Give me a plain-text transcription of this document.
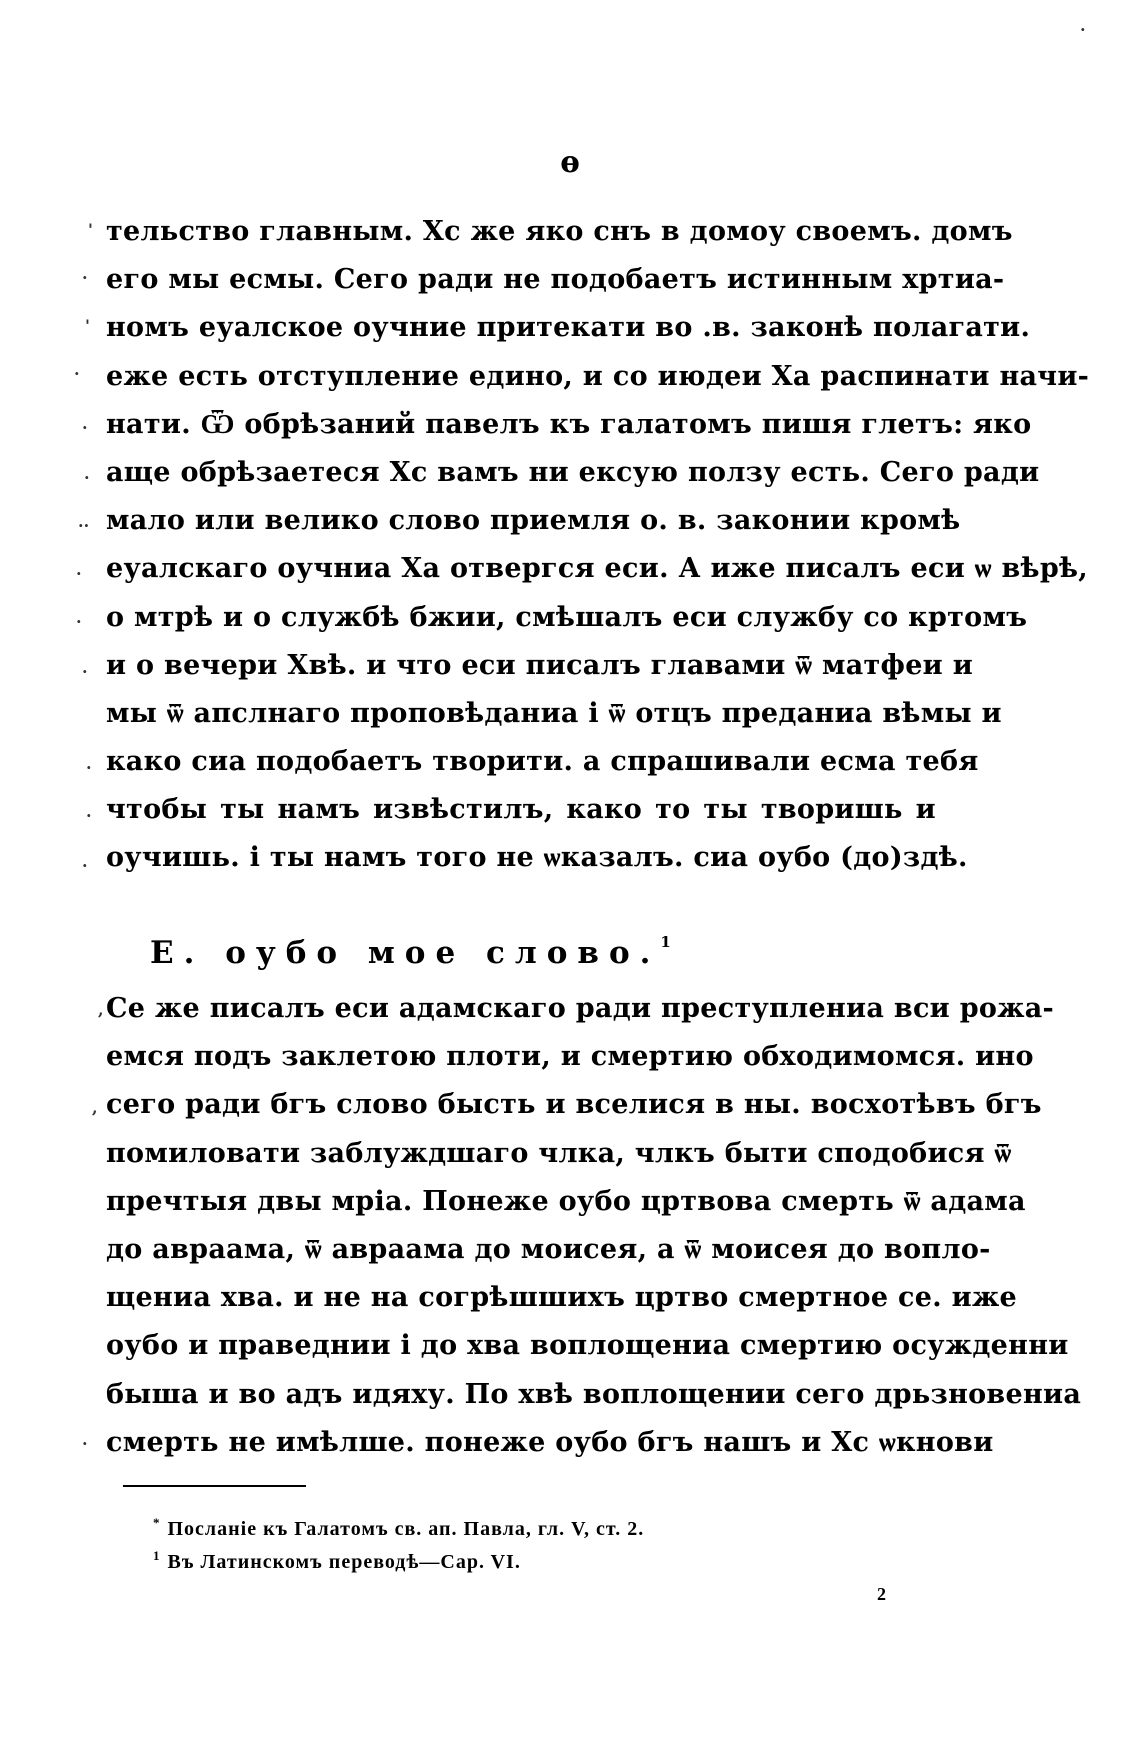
ѳ
тельство главным. Хс же яко снъ в домоу своемъ. домъ
его мы есмы. Сего ради не подобаетъ истинным хртиа-
номъ еуалское оучние притекати во .в. законѣ полагати.
еже есть отступление едино, и со июдеи Ха распинати начи-
нати. Ѿ обрѣзаний павелъ къ галатомъ пишя глетъ: яко
аще обрѣзаетеся Хс вамъ ни ексую ползу есть. Сего ради
мало или велико слово приемля о. в. законии кромѣ
еуалскаго оучниа Ха отвергся еси. А иже писалъ еси ѡ вѣрѣ,
о мтрѣ и о службѣ бжии, смѣшалъ еси службу со кртомъ
и о вечери Хвѣ. и что еси писалъ главами ѿ матфеи и
мы ѿ апслнаго проповѣданиа і ѿ отцъ преданиа вѣмы и
како сиа подобаетъ творити. а спрашивали есма тебя
чтобы ты намъ извѣстилъ, како то ты творишь и
оучишь. і ты намъ того не ѡказалъ. сиа оубо (до)здѣ.
Е. оубо мое слово.$^1$
Се же писалъ еси адамскаго ради преступлениа вси рожа-
емся подъ заклетою плоти, и смертию обходимомся. ино
сего ради бгъ слово бысть и вселися в ны. восхотѣвъ бгъ
помиловати заблуждшаго члка, члкъ быти сподобися ѿ
пречтыя двы мрiа. Понеже оубо цртвова смерть ѿ адама
до авраама, ѿ авраама до моисея, а ѿ моисея до вопло-
щениа хва. и не на согрѣшшихъ цртво смертное се. иже
оубо и праведнии і до хва воплощениа смертию осужденни
быша и во адъ идяху. По хвѣ воплощении сего дрьзновениа
смерть не имѣлше. понеже оубо бгъ нашъ и Хс ѡкнови
* Посланіе къ Галатомъ св. ап. Павла, гл. V, ст. 2.
$^1$ Въ Латинскомъ переводѣ—Cap. VI.
2
'
·
'
·
·
·
··
·
·
·
·
·
·
,
,
·
·
